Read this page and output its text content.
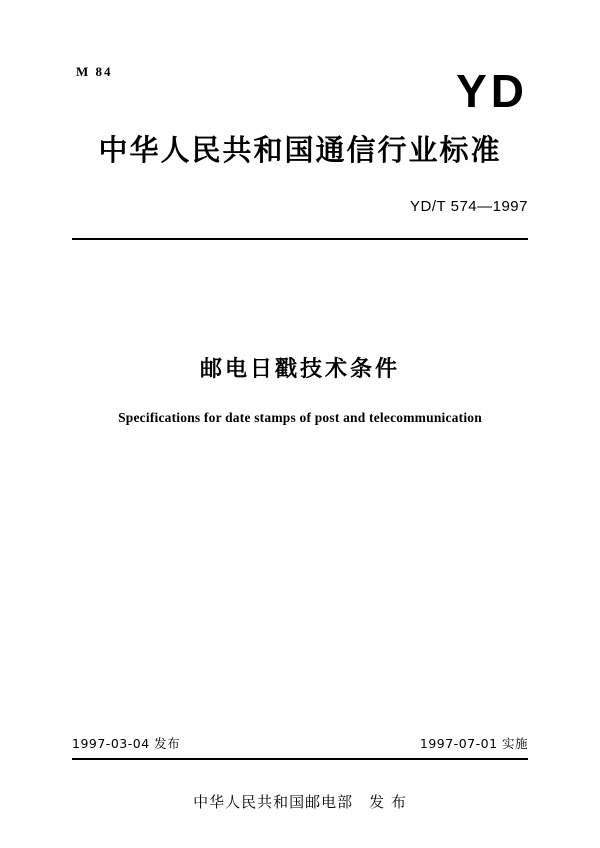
M 84	YD
中华人民共和国通信行业标准
YD/T 574—1997
邮电日戳技术条件
Specifications for date stamps of post and telecommunication
1997-03-04 发布	1997-07-01 实施
中华人民共和国邮电部 发 布
